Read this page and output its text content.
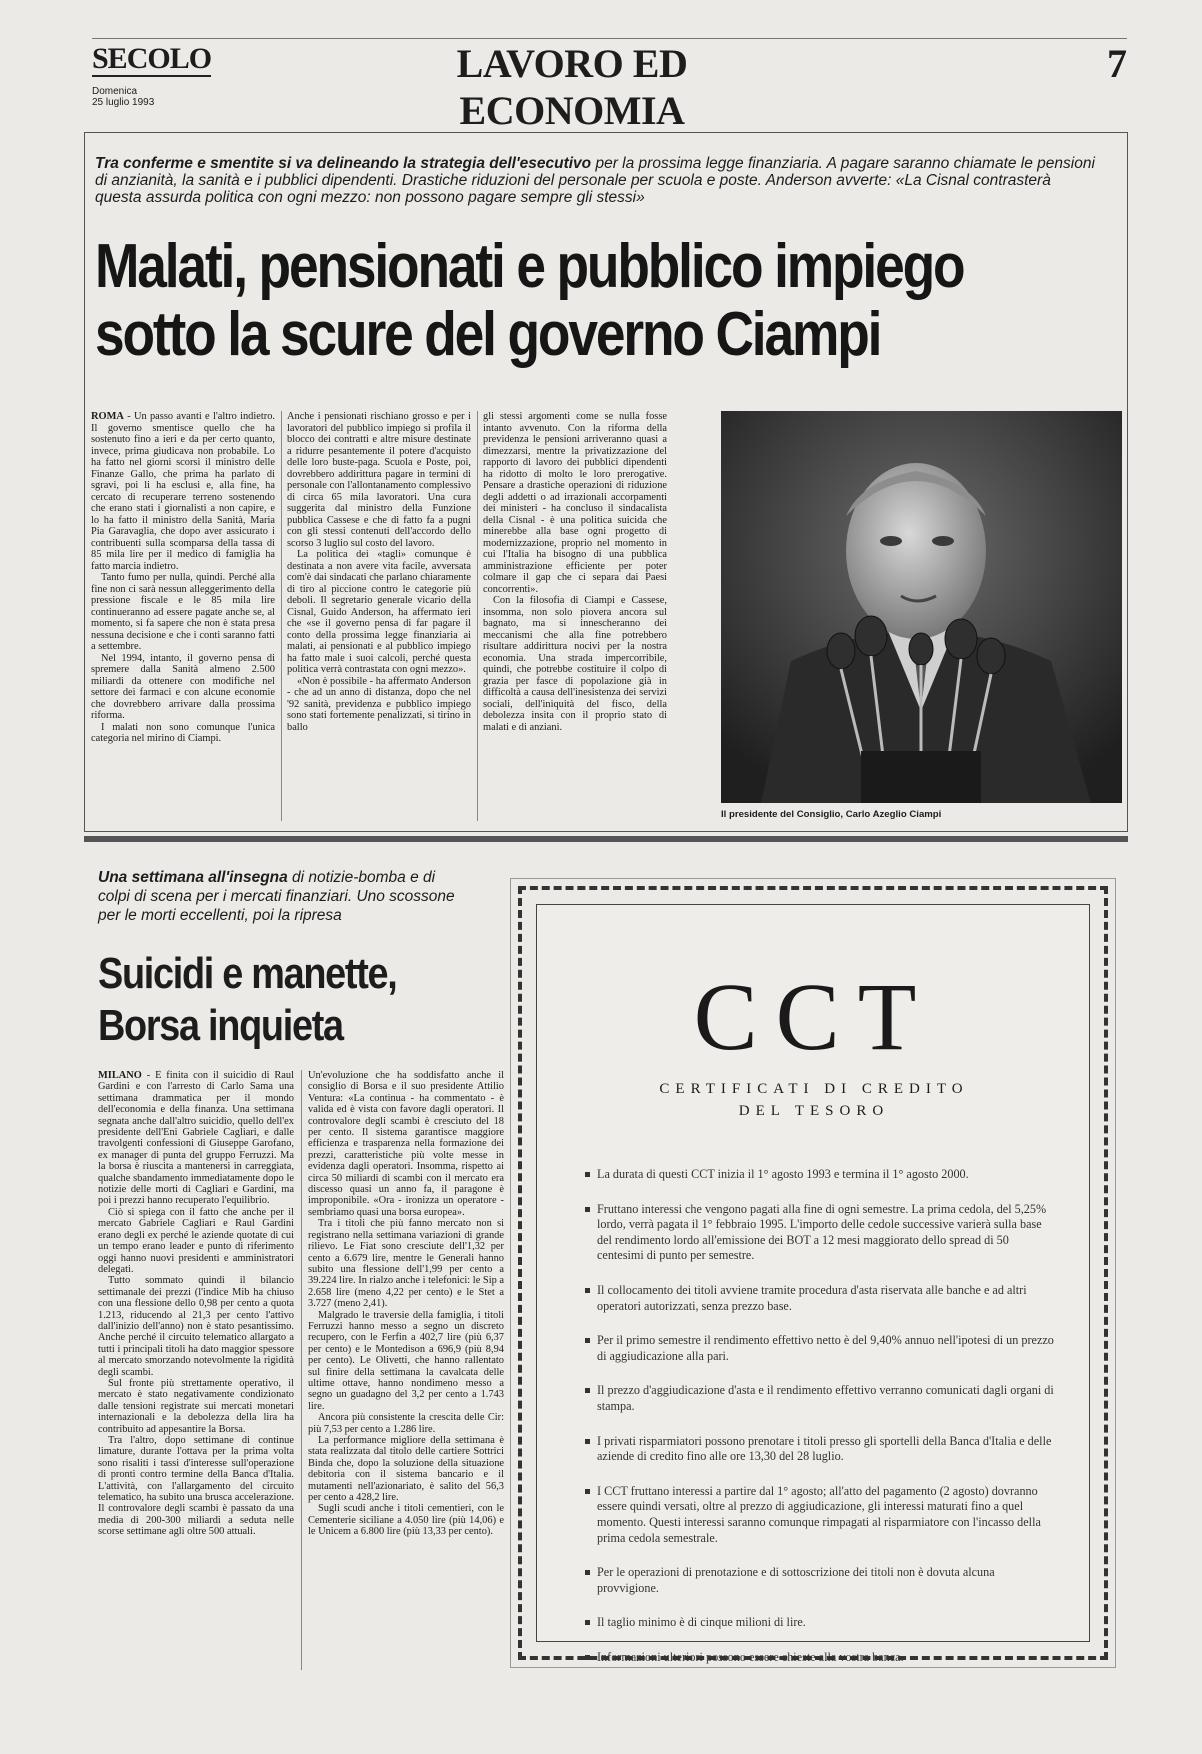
SECOLO
Domenica
25 luglio 1993
LAVORO ED ECONOMIA
7
Tra conferme e smentite si va delineando la strategia dell'esecutivo per la prossima legge finanziaria. A pagare saranno chiamate le pensioni di anzianità, la sanità e i pubblici dipendenti. Drastiche riduzioni del personale per scuola e poste. Anderson avverte: «La Cisnal contrasterà questa assurda politica con ogni mezzo: non possono pagare sempre gli stessi»
Malati, pensionati e pubblico impiego
sotto la scure del governo Ciampi

ROMA - Un passo avanti e l'altro indietro. Il governo smentisce quello che ha sostenuto fino a ieri e da per certo quanto, invece, prima giudicava non probabile. Lo ha fatto nel giorni scorsi il ministro delle Finanze Gallo, che prima ha parlato di sgravi, poi li ha esclusi e, alla fine, ha cercato di recuperare terreno sostenendo che erano stati i giornalisti a non capire, e lo ha fatto il ministro della Sanità, Maria Pia Garavaglia, che dopo aver assicurato i contribuenti sulla scomparsa della tassa di 85 mila lire per il medico di famiglia ha fatto marcia indietro.

Tanto fumo per nulla, quindi. Perché alla fine non ci sarà nessun alleggerimento della pressione fiscale e le 85 mila lire continueranno ad essere pagate anche se, al momento, si fa sapere che non è stata presa nessuna decisione e che i conti saranno fatti a settembre.

Nel 1994, intanto, il governo pensa di spremere dalla Sanità almeno 2.500 miliardi da ottenere con modifiche nel settore dei farmaci e con alcune economie che dovrebbero arrivare dalla prossima riforma.

I malati non sono comunque l'unica categoria nel mirino di Ciampi.

Anche i pensionati rischiano grosso e per i lavoratori del pubblico impiego si profila il blocco dei contratti e altre misure destinate a ridurre pesantemente il potere d'acquisto delle loro buste-paga. Scuola e Poste, poi, dovrebbero addirittura pagare in termini di personale con l'allontanamento complessivo di circa 65 mila lavoratori. Una cura suggerita dal ministro della Funzione pubblica Cassese e che di fatto fa a pugni con gli stessi contenuti dell'accordo dello scorso 3 luglio sul costo del lavoro.

La politica dei «tagli» comunque è destinata a non avere vita facile, avversata com'è dai sindacati che parlano chiaramente di tiro al piccione contro le categorie più deboli. Il segretario generale vicario della Cisnal, Guido Anderson, ha affermato ieri che «se il governo pensa di far pagare il conto della prossima legge finanziaria ai malati, ai pensionati e al pubblico impiego ha fatto male i suoi calcoli, perché questa politica verrà contrastata con ogni mezzo».

«Non è possibile - ha affermato Anderson - che ad un anno di distanza, dopo che nel '92 sanità, previdenza e pubblico impiego sono stati fortemente penalizzati, si tirino in ballo

gli stessi argomenti come se nulla fosse intanto avvenuto. Con la riforma della previdenza le pensioni arriveranno quasi a dimezzarsi, mentre la privatizzazione del rapporto di lavoro dei pubblici dipendenti ha ridotto di molto le loro prerogative. Pensare a drastiche operazioni di riduzione degli addetti o ad irrazionali accorpamenti dei ministeri - ha concluso il sindacalista della Cisnal - è una politica suicida che minerebbe alla base ogni progetto di modernizzazione, proprio nel momento in cui l'Italia ha bisogno di una pubblica amministrazione efficiente per poter colmare il gap che ci separa dai Paesi concorrenti».

Con la filosofia di Ciampi e Cassese, insomma, non solo piovera ancora sul bagnato, ma si innescheranno dei meccanismi che alla fine potrebbero risultare addirittura nocivi per la nostra economia. Una strada impercorribile, quindi, che potrebbe costituire il colpo di grazia per fasce di popolazione già in difficoltà a causa dell'inesistenza dei servizi sociali, dell'iniquità del fisco, della debolezza insita con il proprio stato di malati e di anziani.

Il presidente del Consiglio, Carlo Azeglio Ciampi
Una settimana all'insegna di notizie-bomba e di colpi di scena per i mercati finanziari. Uno scossone per le morti eccellenti, poi la ripresa
Suicidi e manette,
Borsa inquieta

MILANO - È finita con il suicidio di Raul Gardini e con l'arresto di Carlo Sama una settimana drammatica per il mondo dell'economia e della finanza. Una settimana segnata anche dall'altro suicidio, quello dell'ex presidente dell'Eni Gabriele Cagliari, e dalle travolgenti confessioni di Giuseppe Garofano, ex manager di punta del gruppo Ferruzzi. Ma la borsa è riuscita a mantenersi in carreggiata, qualche sbandamento immediatamente dopo le notizie delle morti di Cagliari e Gardini, ma poi i prezzi hanno recuperato l'equilibrio.

Ciò si spiega con il fatto che anche per il mercato Gabriele Cagliari e Raul Gardini erano degli ex perché le aziende quotate di cui un tempo erano leader e punto di riferimento oggi hanno nuovi presidenti e amministratori delegati.

Tutto sommato quindi il bilancio settimanale dei prezzi (l'indice Mib ha chiuso con una flessione dello 0,98 per cento a quota 1.213, riducendo al 21,3 per cento l'attivo dall'inizio dell'anno) non è stato pesantissimo. Anche perché il circuito telematico allargato a tutti i principali titoli ha dato maggior spessore al mercato smorzando notevolmente la rigidità degli scambi.

Sul fronte più strettamente operativo, il mercato è stato negativamente condizionato dalle tensioni registrate sui mercati monetari internazionali e la debolezza della lira ha contribuito ad appesantire la Borsa.

Tra l'altro, dopo settimane di continue limature, durante l'ottava per la prima volta sono risaliti i tassi d'interesse sull'operazione di pronti contro termine della Banca d'Italia. L'attività, con l'allargamento del circuito telematico, ha subito una brusca accelerazione. Il controvalore degli scambi è passato da una media di 200-300 miliardi a seduta nelle scorse settimane agli oltre 500 attuali.

Un'evoluzione che ha soddisfatto anche il consiglio di Borsa e il suo presidente Attilio Ventura: «La continua - ha commentato - è valida ed è vista con favore dagli operatori. Il controvalore degli scambi è cresciuto del 18 per cento. Il sistema garantisce maggiore efficienza e trasparenza nella formazione dei prezzi, caratteristiche più volte messe in evidenza dagli operatori. Insomma, rispetto ai circa 50 miliardi di scambi con il mercato era discesso quasi un anno fa, il paragone è improponibile. «Ora - ironizza un operatore - sembriamo quasi una borsa europea».

Tra i titoli che più fanno mercato non si registrano nella settimana variazioni di grande rilievo. Le Fiat sono cresciute dell'1,32 per cento a 6.679 lire, mentre le Generali hanno subito una flessione dell'1,99 per cento a 39.224 lire. In rialzo anche i telefonici: le Sip a 2.658 lire (meno 4,22 per cento) e le Stet a 3.727 (meno 2,41).

Malgrado le traversie della famiglia, i titoli Ferruzzi hanno messo a segno un discreto recupero, con le Ferfin a 402,7 lire (più 6,37 per cento) e le Montedison a 696,9 (più 8,94 per cento). Le Olivetti, che hanno rallentato sul finire della settimana la cavalcata delle ultime ottave, hanno nondimeno messo a segno un guadagno del 3,2 per cento a 1.743 lire.

Ancora più consistente la crescita delle Cir: più 7,53 per cento a 1.286 lire.

La performance migliore della settimana è stata realizzata dal titolo delle cartiere Sottrici Binda che, dopo la soluzione della situazione debitoria con il sistema bancario e il mutamenti nell'azionariato, è salito del 56,3 per cento a 428,2 lire.

Sugli scudi anche i titoli cementieri, con le Cementerie siciliane a 4.050 lire (più 14,06) e le Unicem a 6.800 lire (più 13,33 per cento).

CCT
CERTIFICATI DI CREDITO
DEL TESORO
La durata di questi CCT inizia il 1° agosto 1993 e termina il 1° agosto 2000.
Fruttano interessi che vengono pagati alla fine di ogni semestre. La prima cedola, del 5,25% lordo, verrà pagata il 1° febbraio 1995. L'importo delle cedole successive varierà sulla base del rendimento lordo all'emissione dei BOT a 12 mesi maggiorato dello spread di 50 centesimi di punto per semestre.
Il collocamento dei titoli avviene tramite procedura d'asta riservata alle banche e ad altri operatori autorizzati, senza prezzo base.
Per il primo semestre il rendimento effettivo netto è del 9,40% annuo nell'ipotesi di un prezzo di aggiudicazione alla pari.
Il prezzo d'aggiudicazione d'asta e il rendimento effettivo verranno comunicati dagli organi di stampa.
I privati risparmiatori possono prenotare i titoli presso gli sportelli della Banca d'Italia e delle aziende di credito fino alle ore 13,30 del 28 luglio.
I CCT fruttano interessi a partire dal 1° agosto; all'atto del pagamento (2 agosto) dovranno essere quindi versati, oltre al prezzo di aggiudicazione, gli interessi maturati fino a quel momento. Questi interessi saranno comunque rimpagati al risparmiatore con l'incasso della prima cedola semestrale.
Per le operazioni di prenotazione e di sottoscrizione dei titoli non è dovuta alcuna provvigione.
Il taglio minimo è di cinque milioni di lire.
Informazioni ulteriori possono essere chieste alla vostra banca.
